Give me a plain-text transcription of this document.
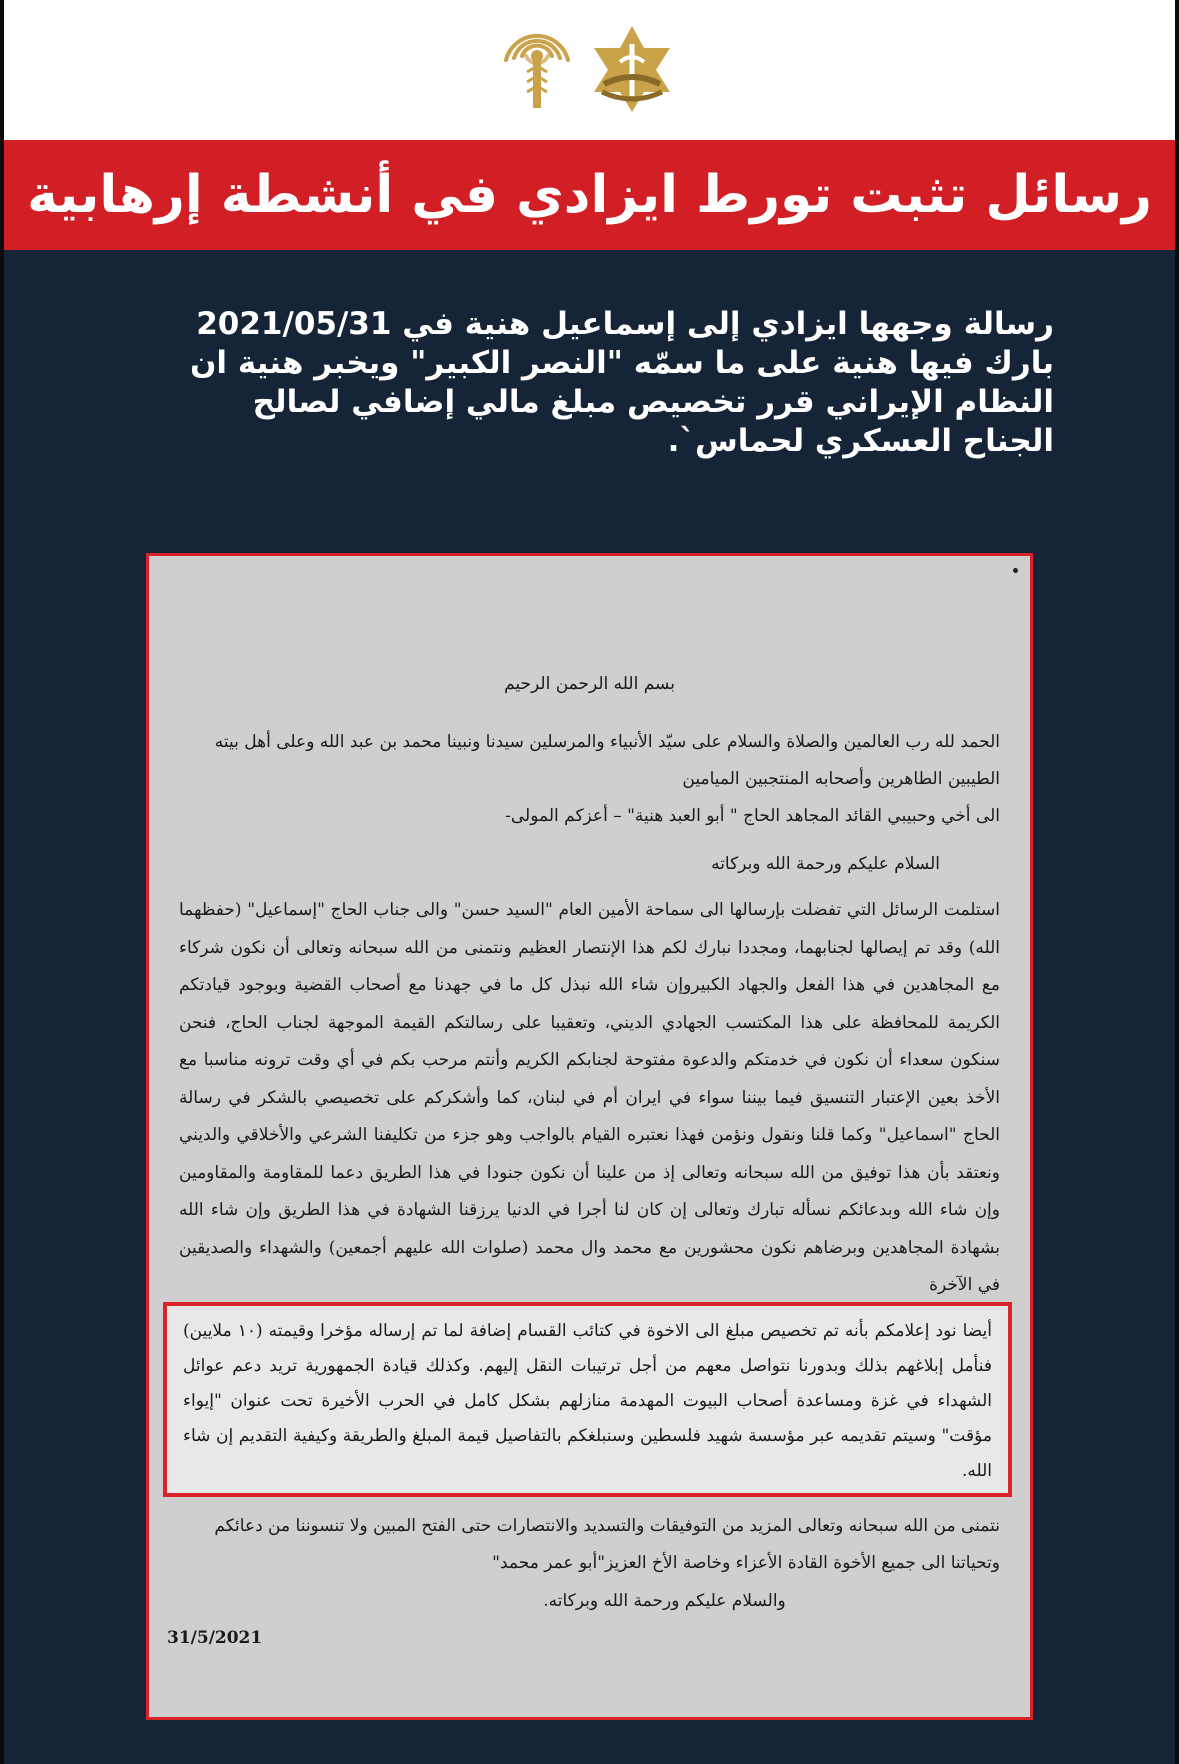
رسائل تثبت تورط ايزادي في أنشطة إرهابية

رسالة وجهها ايزادي إلى إسماعيل هنية في 2021/05/31 بارك فيها هنية على ما سمّه "النصر الكبير" ويخبر هنية ان النظام الإيراني قرر تخصيص مبلغ مالي إضافي لصالح الجناح العسكري لحماس`.

بسم الله الرحمن الرحيم

الحمد لله رب العالمين والصلاة والسلام على سيّد الأنبياء والمرسلين سيدنا ونبينا محمد بن عبد الله وعلى أهل بيته الطيبين الطاهرين وأصحابه المنتجبين الميامين

الى أخي وحبيبي القائد المجاهد الحاج " أبو العبد هنية" – أعزكم المولى-

السلام عليكم ورحمة الله وبركاته

استلمت الرسائل التي تفضلت بإرسالها الى سماحة الأمين العام "السيد حسن" والى جناب الحاج "إسماعيل" (حفظهما الله) وقد تم إيصالها لجنابهما، ومجددا نبارك لكم هذا الإنتصار العظيم ونتمنى من الله سبحانه وتعالى أن نكون شركاء مع المجاهدين في هذا الفعل والجهاد الكبيروإن شاء الله نبذل كل ما في جهدنا مع أصحاب القضية وبوجود قيادتكم الكريمة للمحافظة على هذا المكتسب الجهادي الديني، وتعقيبا على رسالتكم القيمة الموجهة لجناب الحاج، فنحن سنكون سعداء أن نكون في خدمتكم والدعوة مفتوحة لجنابكم الكريم وأنتم مرحب بكم في أي وقت ترونه مناسبا مع الأخذ بعين الإعتبار التنسيق فيما بيننا سواء في ايران أم في لبنان، كما وأشكركم على تخصيصي بالشكر في رسالة الحاج "اسماعيل" وكما قلنا ونقول ونؤمن فهذا نعتبره القيام بالواجب وهو جزء من تكليفنا الشرعي والأخلاقي والديني ونعتقد بأن هذا توفيق من الله سبحانه وتعالى إذ من علينا أن نكون جنودا في هذا الطريق دعما للمقاومة والمقاومين وإن شاء الله وبدعائكم نسأله تبارك وتعالى إن كان لنا أجرا في الدنيا يرزقنا الشهادة في هذا الطريق وإن شاء الله بشهادة المجاهدين وبرضاهم نكون محشورين مع محمد وال محمد (صلوات الله عليهم أجمعين) والشهداء والصديقين في الآخرة

أيضا نود إعلامكم بأنه تم تخصيص مبلغ الى الاخوة في كتائب القسام إضافة لما تم إرساله مؤخرا وقيمته (١٠ ملايين) فنأمل إبلاغهم بذلك وبدورنا نتواصل معهم من أجل ترتيبات النقل إليهم. وكذلك قيادة الجمهورية تريد دعم عوائل الشهداء في غزة ومساعدة أصحاب البيوت المهدمة منازلهم بشكل كامل في الحرب الأخيرة تحت عنوان "إيواء مؤقت" وسيتم تقديمه عبر مؤسسة شهيد فلسطين وسنبلغكم بالتفاصيل قيمة المبلغ والطريقة وكيفية التقديم إن شاء الله.

نتمنى من الله سبحانه وتعالى المزيد من التوفيقات والتسديد والانتصارات حتى الفتح المبين ولا تنسوننا من دعائكم وتحياتنا الى جميع الأخوة القادة الأعزاء وخاصة الأخ العزيز"أبو عمر محمد"

والسلام عليكم ورحمة الله وبركاته.

31/5/2021
